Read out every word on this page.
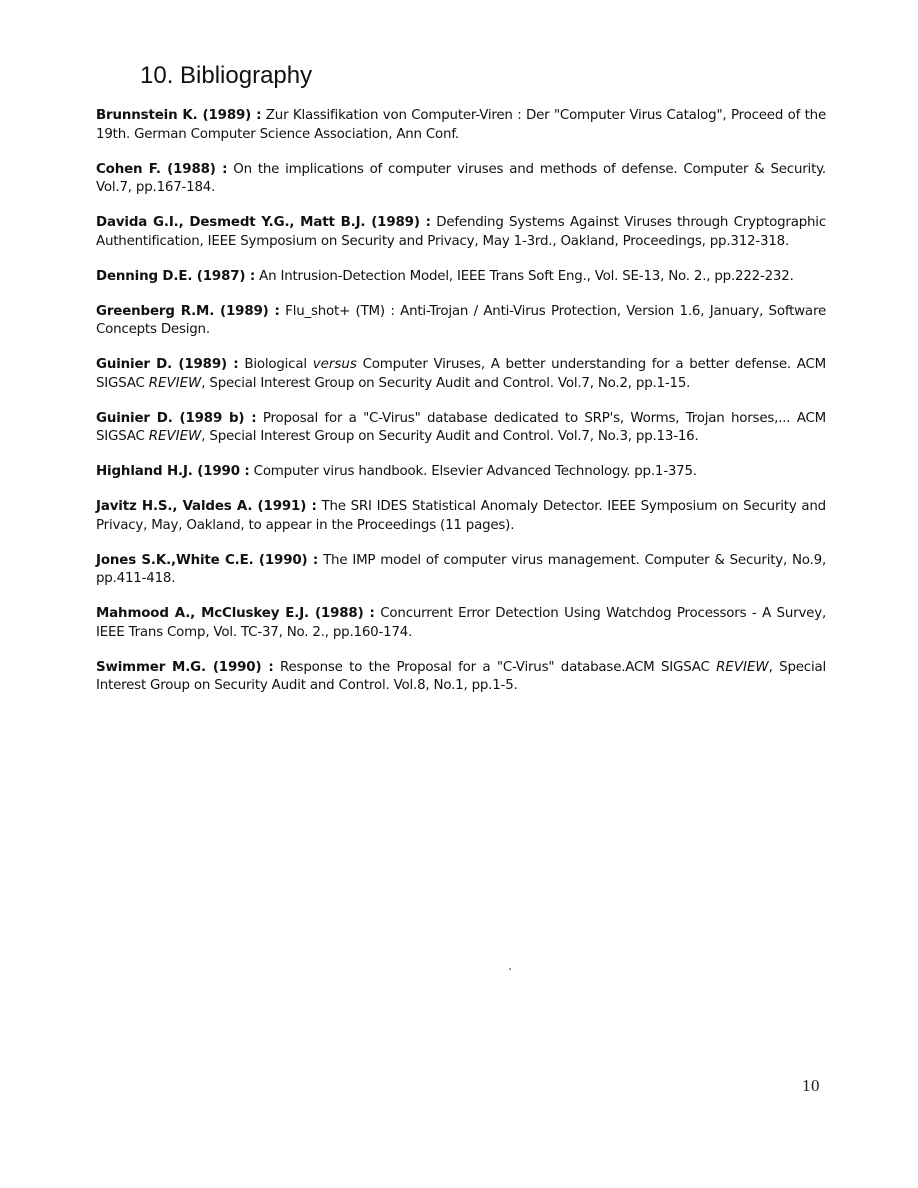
10. Bibliography
Brunnstein K. (1989) : Zur Klassifikation von Computer-Viren : Der "Computer Virus Catalog", Proceed of the 19th. German Computer Science Association, Ann Conf.
Cohen F. (1988) : On the implications of computer viruses and methods of defense. Computer & Security. Vol.7, pp.167-184.
Davida G.I., Desmedt Y.G., Matt B.J. (1989) : Defending Systems Against Viruses through Cryptographic Authentification, IEEE Symposium on Security and Privacy, May 1-3rd., Oakland, Proceedings, pp.312-318.
Denning D.E. (1987) : An Intrusion-Detection Model, IEEE Trans Soft Eng., Vol. SE-13, No. 2., pp.222-232.
Greenberg R.M. (1989) : Flu_shot+ (TM) : Anti-Trojan / Anti-Virus Protection, Version 1.6, January, Software Concepts Design.
Guinier D. (1989) : Biological versus Computer Viruses, A better understanding for a better defense. ACM SIGSAC REVIEW, Special Interest Group on Security Audit and Control. Vol.7, No.2, pp.1-15.
Guinier D. (1989 b) : Proposal for a "C-Virus" database dedicated to SRP's, Worms, Trojan horses,... ACM SIGSAC REVIEW, Special Interest Group on Security Audit and Control. Vol.7, No.3, pp.13-16.
Highland H.J. (1990 : Computer virus handbook. Elsevier Advanced Technology. pp.1-375.
Javitz H.S., Valdes A. (1991) : The SRI IDES Statistical Anomaly Detector. IEEE Symposium on Security and Privacy, May, Oakland, to appear in the Proceedings (11 pages).
Jones S.K.,White C.E. (1990) : The IMP model of computer virus management. Computer & Security, No.9, pp.411-418.
Mahmood A., McCluskey E.J. (1988) : Concurrent Error Detection Using Watchdog Processors - A Survey, IEEE Trans Comp, Vol. TC-37, No. 2., pp.160-174.
Swimmer M.G. (1990) : Response to the Proposal for a "C-Virus" database.ACM SIGSAC REVIEW, Special Interest Group on Security Audit and Control. Vol.8, No.1, pp.1-5.
10
